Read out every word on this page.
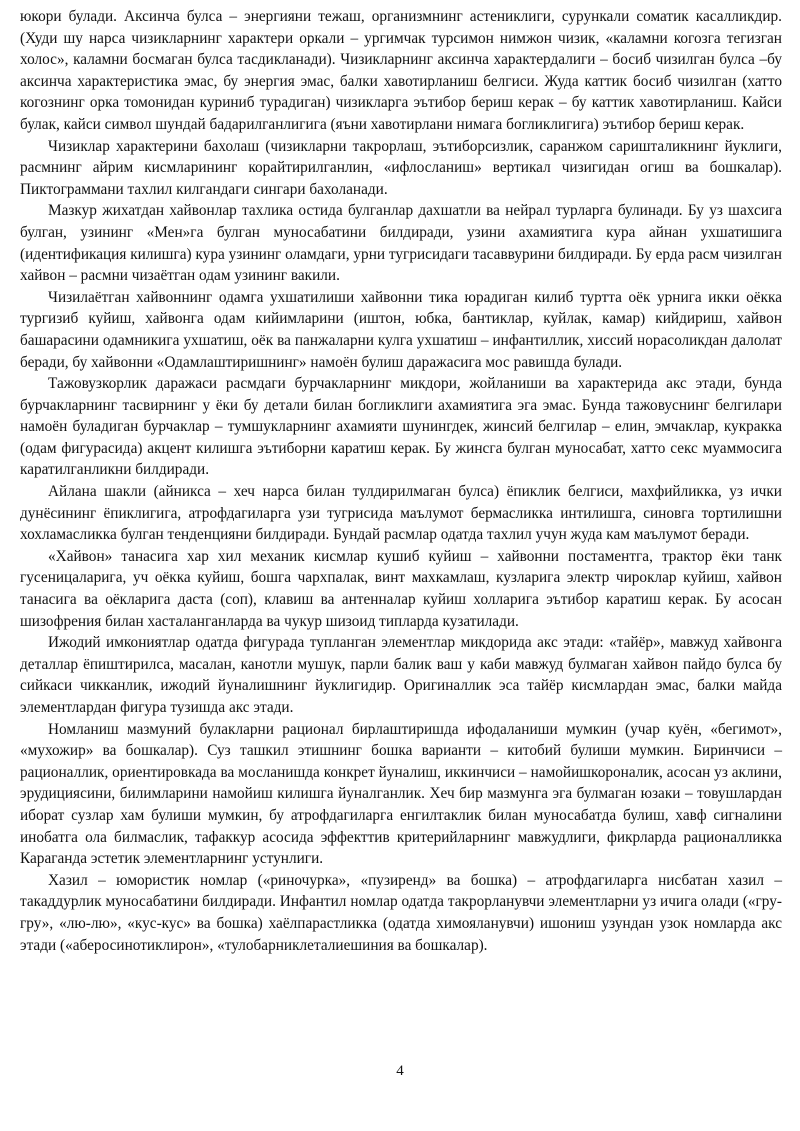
юкори булади. Аксинча булса – энергияни тежаш, организмнинг астениклиги, сурункали соматик касалликдир. (Худи шу нарса чизикларнинг характери оркали – ургимчак турсимон нимжон чизик, «каламни когозга тегизган холос», каламни босмаган булса тасдикланади). Чизикларнинг аксинча характердалиги – босиб чизилган булса –бу аксинча характеристика эмас, бу энергия эмас, балки хавотирланиш белгиси. Жуда каттик босиб чизилган (хатто когознинг орка томонидан куриниб турадиган) чизикларга эътибор бериш керак – бу каттик хавотирланиш. Кайси булак, кайси символ шундай бадарилганлигига (яъни хавотирлани нимага богликлигига) эътибор бериш керак.

Чизиклар характерини бахолаш (чизикларни такрорлаш, эътиборсизлик, саранжом саришталикнинг йуклиги, расмнинг айрим кисмларининг корайтирилганлин, «ифлосланиш» вертикал чизигидан огиш ва бошкалар). Пиктограммани тахлил килгандаги сингари бахоланади.

Мазкур жихатдан хайвонлар тахлика остида булганлар дахшатли ва нейрал турларга булинади. Бу уз шахсига булган, узининг «Мен»га булган муносабатини билдиради, узини ахамиятига кура айнан ухшатишига (идентификация килишга) кура узининг оламдаги, урни тугрисидаги тасаввурини билдиради. Бу ерда расм чизилган хайвон – расмни чизаётган одам узининг вакили.

Чизилаётган хайвоннинг одамга ухшатилиши хайвонни тика юрадиган килиб туртта оёк урнига икки оёкка тургизиб куйиш, хайвонга одам кийимларини (иштон, юбка, бантиклар, куйлак, камар) кийдириш, хайвон башарасини одамникига ухшатиш, оёк ва панжаларни кулга ухшатиш – инфантиллик, хиссий норасоликдан далолат беради, бу хайвонни «Одамлаштиришнинг» намоён булиш даражасига мос равишда булади.

Тажовузкорлик даражаси расмдаги бурчакларнинг микдори, жойланиши ва характерида акс этади, бунда бурчакларнинг тасвирнинг у ёки бу детали билан богликлиги ахамиятига эга эмас. Бунда тажовуснинг белгилари намоён буладиган бурчаклар – тумшукларнинг ахамияти шунингдек, жинсий белгилар – елин, эмчаклар, кукракка (одам фигурасида) акцент килишга эътиборни каратиш керак. Бу жинсга булган муносабат, хатто секс муаммосига каратилганликни билдиради.

Айлана шакли (айникса – хеч нарса билан тулдирилмаган булса) ёпиклик белгиси, махфийликка, уз ички дунёсининг ёпиклигига, атрофдагиларга узи тугрисида маълумот бермасликка интилишга, синовга тортилишни хохламасликка булган тенденцияни билдиради. Бундай расмлар одатда тахлил учун жуда кам маълумот беради.

«Хайвон» танасига хар хил механик кисмлар кушиб куйиш – хайвонни постаментга, трактор ёки танк гусеницаларига, уч оёкка куйиш, бошга чархпалак, винт махкамлаш, кузларига электр чироклар куйиш, хайвон танасига ва оёкларига даста (соп), клавиш ва антенналар куйиш холларига эътибор каратиш керак. Бу асосан шизофрения билан хасталанганларда ва чукур шизоид типларда кузатилади.

Ижодий имкониятлар одатда фигурада тупланган элементлар микдорида акс этади: «тайёр», мавжуд хайвонга деталлар ёпиштирилса, масалан, канотли мушук, парли балик ваш у каби мавжуд булмаган хайвон пайдо булса бу сийкаси чикканлик, ижодий йуналишнинг йуклигидир. Оригиналлик эса тайёр кисмлардан эмас, балки майда элементлардан фигура тузишда акс этади.

Номланиш мазмуний булакларни рационал бирлаштиришда ифодаланиши мумкин (учар куён, «бегимот», «мухожир» ва бошкалар). Суз ташкил этишнинг бошка варианти – китобий булиши мумкин. Биринчиси – рационаллик, ориентировкада ва мосланишда конкрет йуналиш, иккинчиси – намойишкороналик, асосан уз аклини, эрудициясини, билимларини намойиш килишга йуналганлик. Хеч бир мазмунга эга булмаган юзаки – товушлардан иборат сузлар хам булиши мумкин, бу атрофдагиларга енгилтаклик билан муносабатда булиш, хавф сигналини инобатга ола билмаслик, тафаккур асосида эффекттив критерийларнинг мавжудлиги, фикрларда рационалликка Караганда эстетик элементларнинг устунлиги.

Хазил – юмористик номлар («риночурка», «пузиренд» ва бошка) – атрофдагиларга нисбатан хазил – такаддурлик муносабатини билдиради. Инфантил номлар одатда такрорланувчи элементларни уз ичига олади («гру-гру», «лю-лю», «кус-кус» ва бошка) хаёлпарастликка (одатда химояланувчи) ишониш узундан узок номларда акс этади («аберосинотиклирон», «тулобарниклеталиешиния ва бошкалар).

4
